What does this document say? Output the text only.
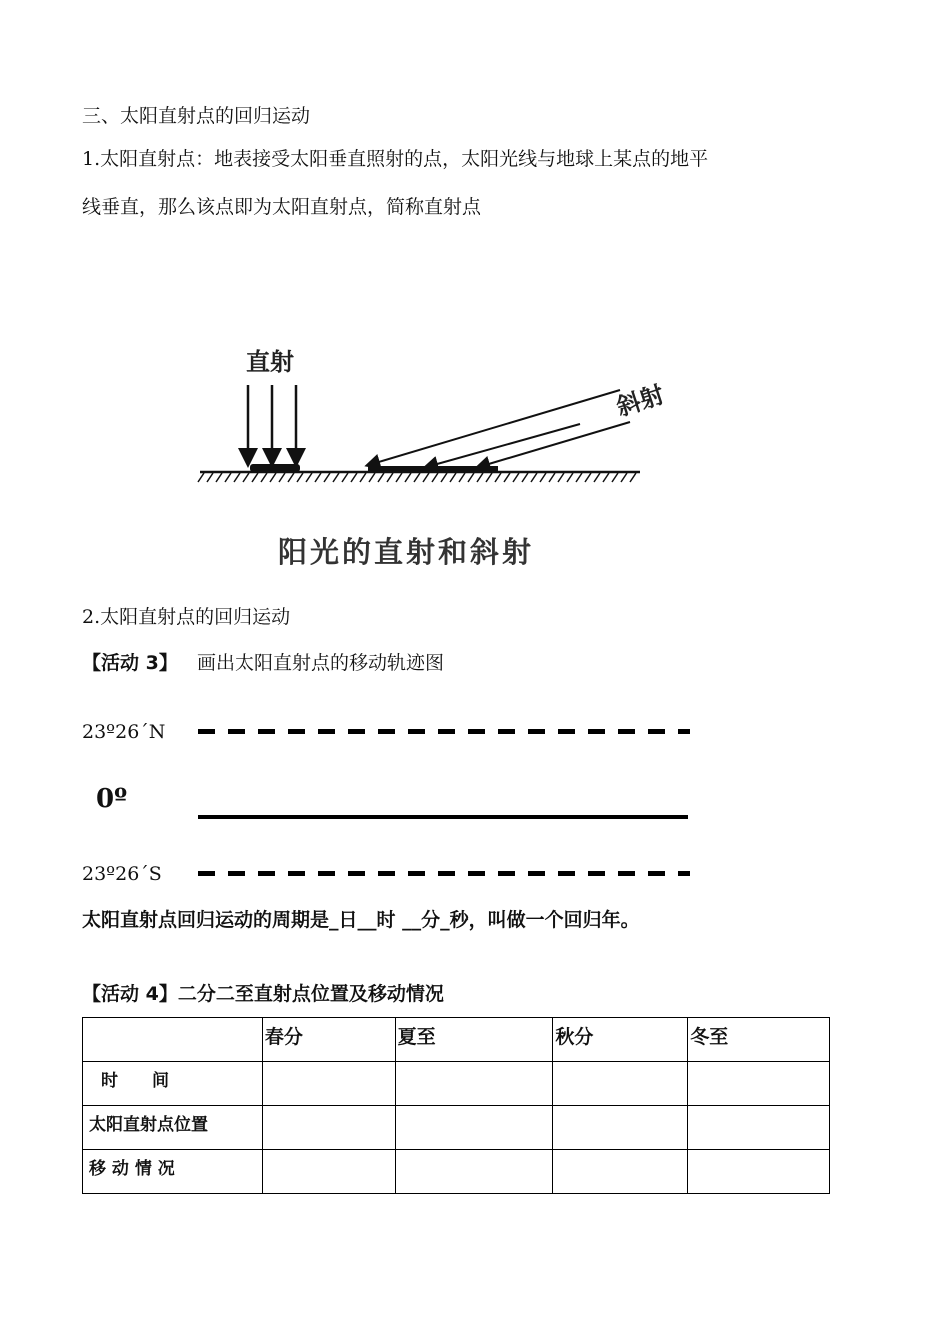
三、太阳直射点的回归运动
1.太阳直射点：地表接受太阳垂直照射的点，太阳光线与地球上某点的地平
线垂直，那么该点即为太阳直射点，简称直射点
直射
斜射
阳光的直射和斜射
2.太阳直射点的回归运动
【活动 3】 画出太阳直射点的移动轨迹图
23º26´N
0º
23º26´S
太阳直射点回归运动的周期是_日__时 __分_秒，叫做一个回归年。
【活动 4】二分二至直射点位置及移动情况
	春分	夏至	秋分	冬至
时　　间				
太阳直射点位置				
移 动 情 况				
